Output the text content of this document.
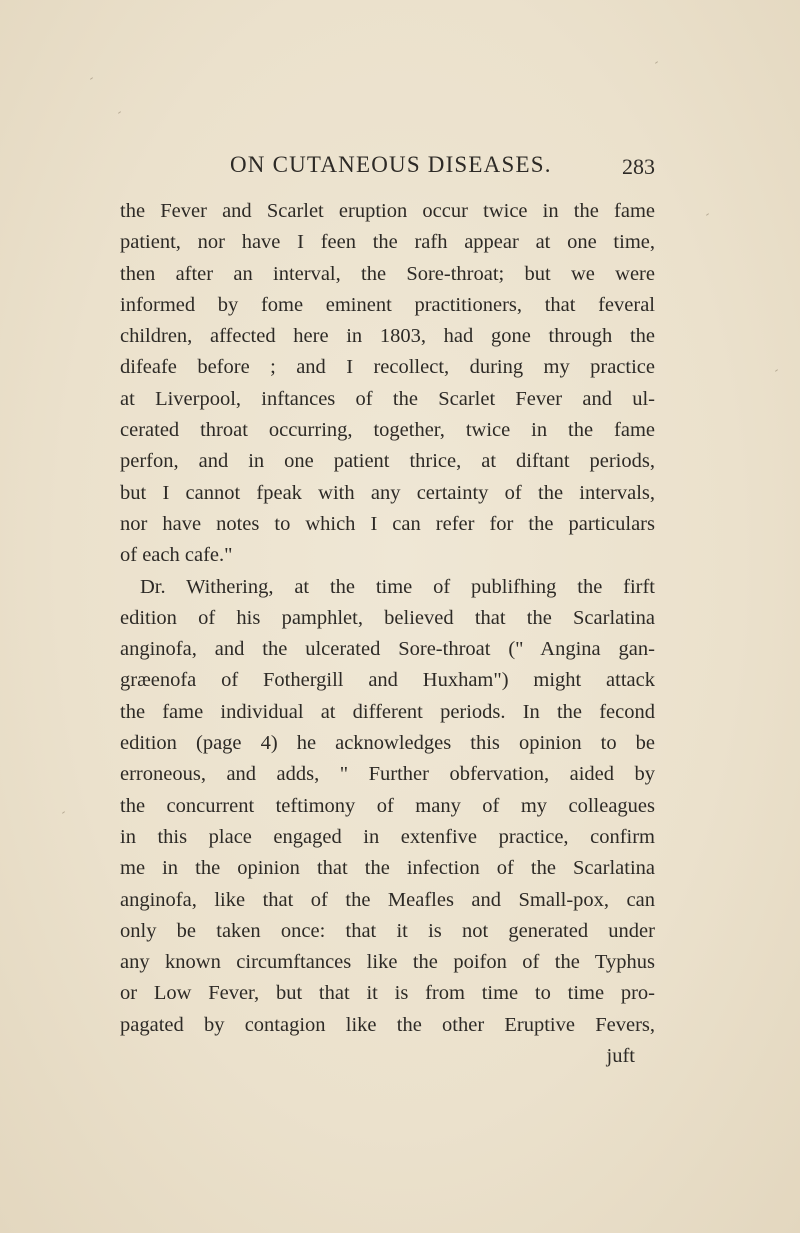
ON CUTANEOUS DISEASES.	283
the Fever and Scarlet eruption occur twice in the fame
patient, nor have I feen the rafh appear at one time,
then after an interval, the Sore-throat; but we were
informed by fome eminent practitioners, that feveral
children, affected here in 1803, had gone through the
difeafe before ; and I recollect, during my practice
at Liverpool, inftances of the Scarlet Fever and ul-
cerated throat occurring, together, twice in the fame
perfon, and in one patient thrice, at diftant periods,
but I cannot fpeak with any certainty of the intervals,
nor have notes to which I can refer for the particulars
of each cafe."
Dr. Withering, at the time of publifhing the firft
edition of his pamphlet, believed that the Scarlatina
anginofa, and the ulcerated Sore-throat (" Angina gan-
græenofa of Fothergill and Huxham") might attack
the fame individual at different periods. In the fecond
edition (page 4) he acknowledges this opinion to be
erroneous, and adds, " Further obfervation, aided by
the concurrent teftimony of many of my colleagues
in this place engaged in extenfive practice, confirm
me in the opinion that the infection of the Scarlatina
anginofa, like that of the Meafles and Small-pox, can
only be taken once: that it is not generated under
any known circumftances like the poifon of the Typhus
or Low Fever, but that it is from time to time pro-
pagated by contagion like the other Eruptive Fevers,
juft
